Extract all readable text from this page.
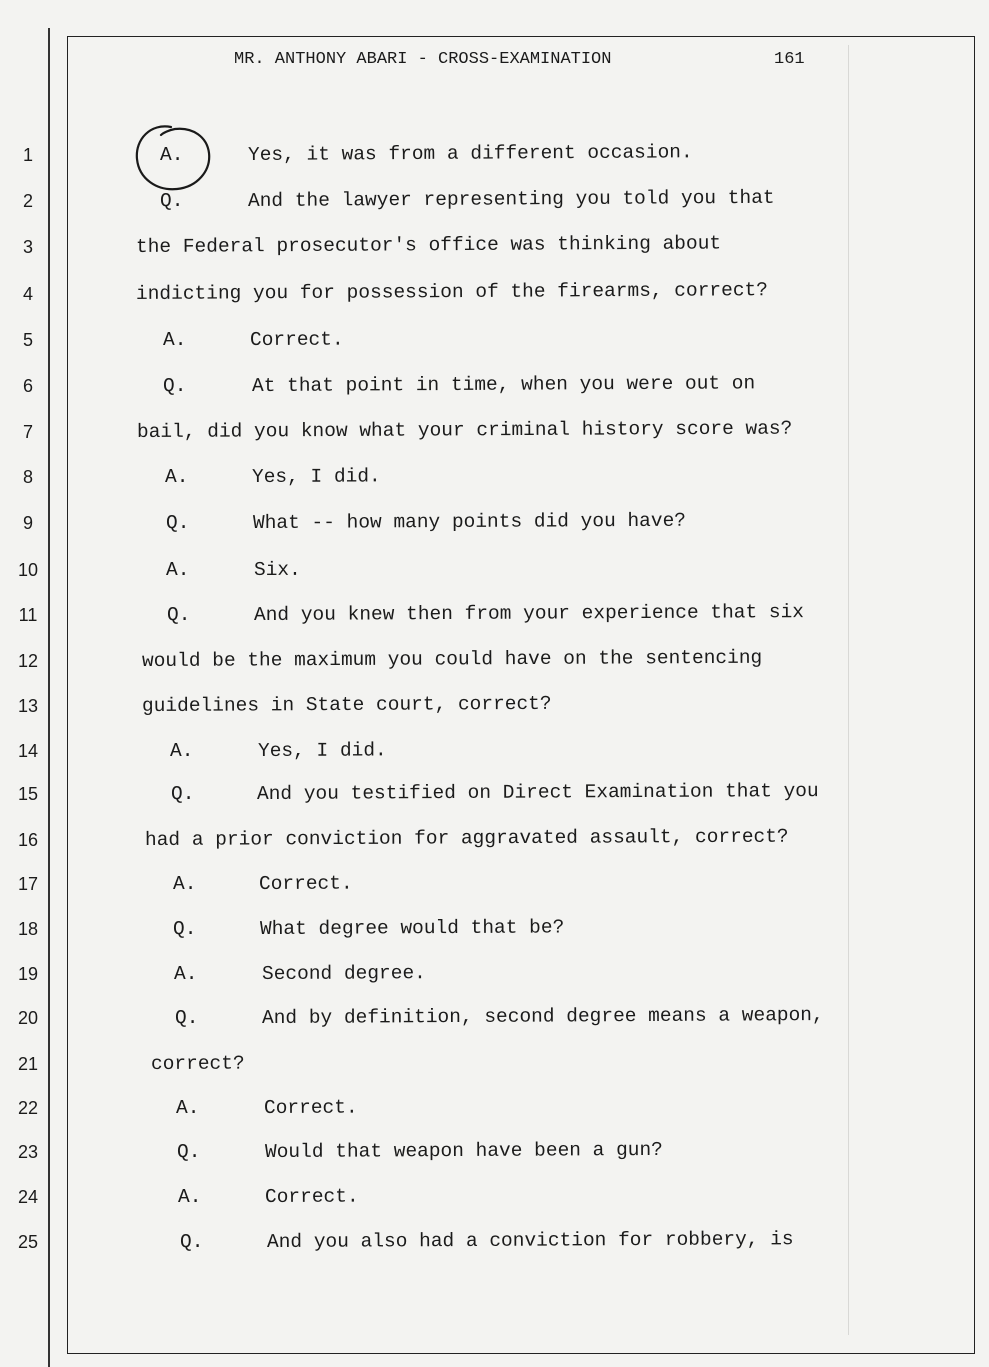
MR. ANTHONY ABARI - CROSS-EXAMINATION	161
1	A.	Yes, it was from a different occasion.
2	Q.	And the lawyer representing you told you that
3	the Federal prosecutor's office was thinking about
4	indicting you for possession of the firearms, correct?
5	A.	Correct.
6	Q.	At that point in time, when you were out on
7	bail, did you know what your criminal history score was?
8	A.	Yes, I did.
9	Q.	What -- how many points did you have?
10	A.	Six.
11	Q.	And you knew then from your experience that six
12	would be the maximum you could have on the sentencing
13	guidelines in State court, correct?
14	A.	Yes, I did.
15	Q.	And you testified on Direct Examination that you
16	had a prior conviction for aggravated assault, correct?
17	A.	Correct.
18	Q.	What degree would that be?
19	A.	Second degree.
20	Q.	And by definition, second degree means a weapon,
21	correct?
22	A.	Correct.
23	Q.	Would that weapon have been a gun?
24	A.	Correct.
25	Q.	And you also had a conviction for robbery, is
